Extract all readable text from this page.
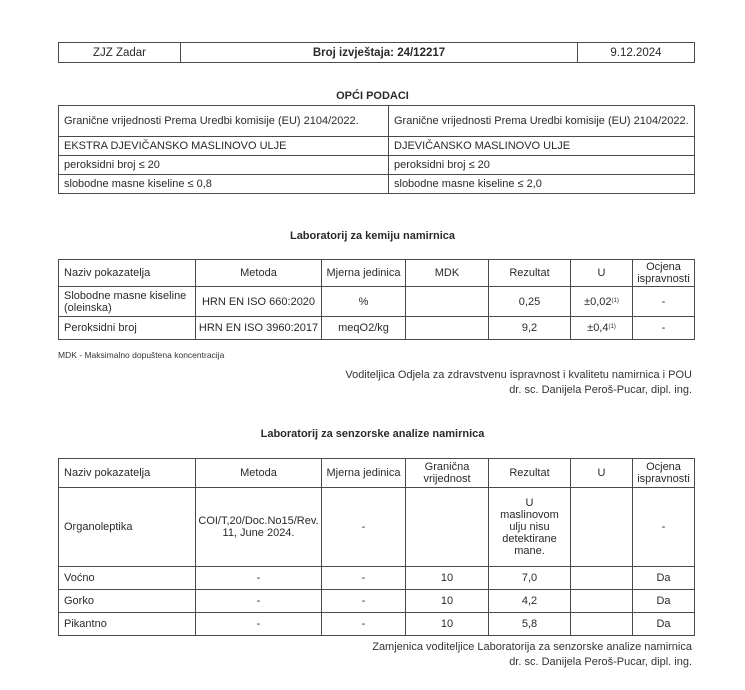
ZJZ Zadar	Broj izvještaja: 24/12217	9.12.2024
OPĆI PODACI
Granične vrijednosti Prema Uredbi komisije (EU) 2104/2022.	Granične vrijednosti Prema Uredbi komisije (EU) 2104/2022.
EKSTRA DJEVIČANSKO MASLINOVO ULJE	DJEVIČANSKO MASLINOVO ULJE
peroksidni broj ≤ 20	peroksidni broj ≤ 20
slobodne masne kiseline ≤ 0,8	slobodne masne kiseline ≤ 2,0
Laboratorij za kemiju namirnica
Naziv pokazatelja	Metoda	Mjerna jedinica	MDK	Rezultat	U	Ocjena ispravnosti
Slobodne masne kiseline (oleinska)	HRN EN ISO 660:2020	%		0,25	$\pm 0,02^{(1)}$	-
Peroksidni broj	HRN EN ISO 3960:2017	meqO2/kg		9,2	$\pm 0,4^{(1)}$	-
MDK - Maksimalno dopuštena koncentracija
Voditeljica Odjela za zdravstvenu ispravnost i kvalitetu namirnica i POU
dr. sc. Danijela Peroš-Pucar, dipl. ing.
Laboratorij za senzorske analize namirnica
Naziv pokazatelja	Metoda	Mjerna jedinica	Granična vrijednost	Rezultat	U	Ocjena ispravnosti
Organoleptika	COI/T,20/Doc.No15/Rev. 11, June 2024.	-		U maslinovom ulju nisu detektirane mane.		-
Voćno	-	-	10	7,0		Da
Gorko	-	-	10	4,2		Da
Pikantno	-	-	10	5,8		Da
Zamjenica voditeljice Laboratorija za senzorske analize namirnica
dr. sc. Danijela Peroš-Pucar, dipl. ing.
